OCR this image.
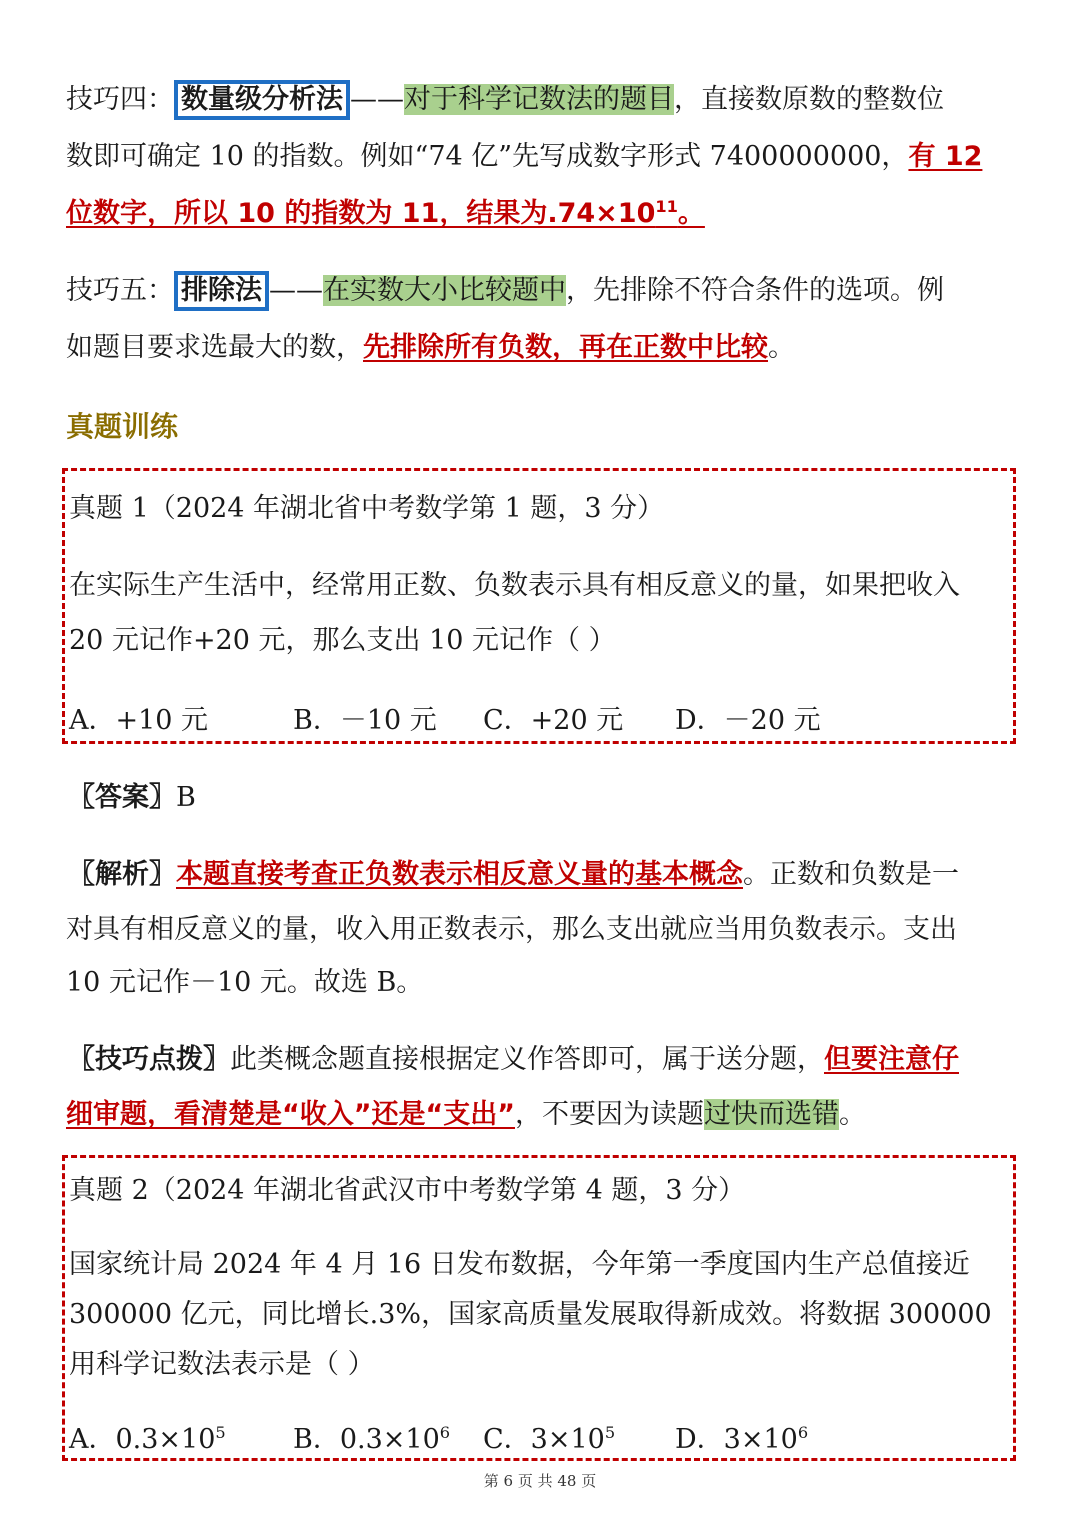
技巧四： 数量级分析法 ——对于科学记数法的题目，直接数原数的整数位
数即可确定 10 的指数。例如“74 亿”先写成数字形式 7400000000，有 12
位数字，所以 10 的指数为 11，结果为$.74\times 10^{11}$。
技巧五： 排除法 ——在实数大小比较题中，先排除不符合条件的选项。例
如题目要求选最大的数，先排除所有负数，再在正数中比较。
真题训练
真题 1（2024 年湖北省中考数学第 1 题，3 分）
在实际生产生活中，经常用正数、负数表示具有相反意义的量，如果把收入
20 元记作+20 元，那么支出 10 元记作（ ）
A．+10 元	B．－10 元 C．+20 元 D．－20 元
〖答案〗B
〖解析〗本题直接考查正负数表示相反意义量的基本概念。正数和负数是一
对具有相反意义的量，收入用正数表示，那么支出就应当用负数表示。支出
10 元记作－10 元。故选 B。
〖技巧点拨〗此类概念题直接根据定义作答即可，属于送分题，但要注意仔
细审题，看清楚是“收入”还是“支出”，不要因为读题过快而选错。
真题 2（2024 年湖北省武汉市中考数学第 4 题，3 分）
国家统计局 2024 年 4 月 16 日发布数据，今年第一季度国内生产总值接近
300000 亿元，同比增长.3%，国家高质量发展取得新成效。将数据 300000
用科学记数法表示是（ ）
A．$0.3\times 10^5$ B．$0.3\times 10^6$ C．$3\times 10^5$ D．$3\times 10^6$
第 6 页 共 48 页
